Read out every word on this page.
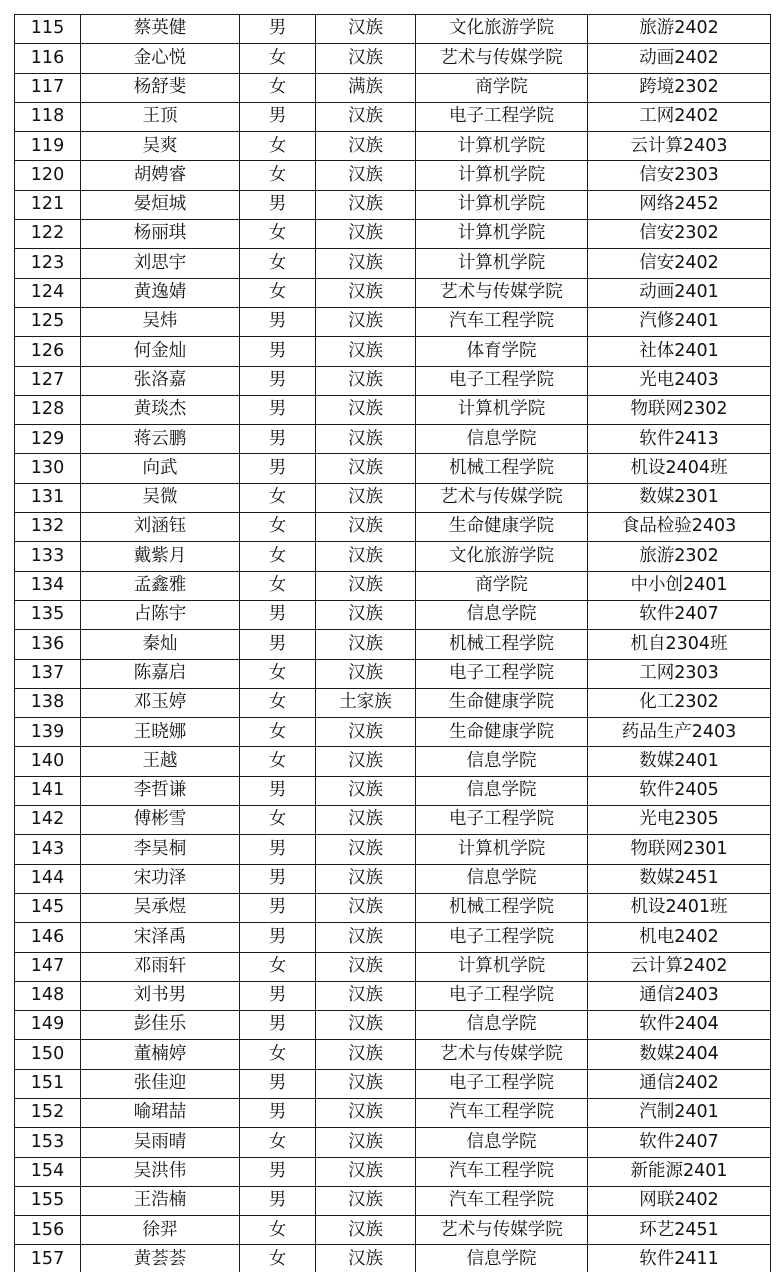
115	蔡英健	男	汉族	文化旅游学院	旅游2402
116	金心悦	女	汉族	艺术与传媒学院	动画2402
117	杨舒斐	女	满族	商学院	跨境2302
118	王顶	男	汉族	电子工程学院	工网2402
119	吴爽	女	汉族	计算机学院	云计算2403
120	胡娉睿	女	汉族	计算机学院	信安2303
121	晏烜城	男	汉族	计算机学院	网络2452
122	杨丽琪	女	汉族	计算机学院	信安2302
123	刘思宇	女	汉族	计算机学院	信安2402
124	黄逸婧	女	汉族	艺术与传媒学院	动画2401
125	吴炜	男	汉族	汽车工程学院	汽修2401
126	何金灿	男	汉族	体育学院	社体2401
127	张洛嘉	男	汉族	电子工程学院	光电2403
128	黄琰杰	男	汉族	计算机学院	物联网2302
129	蒋云鹏	男	汉族	信息学院	软件2413
130	向武	男	汉族	机械工程学院	机设2404班
131	吴微	女	汉族	艺术与传媒学院	数媒2301
132	刘涵钰	女	汉族	生命健康学院	食品检验2403
133	戴紫月	女	汉族	文化旅游学院	旅游2302
134	孟鑫雅	女	汉族	商学院	中小创2401
135	占陈宇	男	汉族	信息学院	软件2407
136	秦灿	男	汉族	机械工程学院	机自2304班
137	陈嘉启	女	汉族	电子工程学院	工网2303
138	邓玉婷	女	土家族	生命健康学院	化工2302
139	王晓娜	女	汉族	生命健康学院	药品生产2403
140	王越	女	汉族	信息学院	数媒2401
141	李哲谦	男	汉族	信息学院	软件2405
142	傅彬雪	女	汉族	电子工程学院	光电2305
143	李昊桐	男	汉族	计算机学院	物联网2301
144	宋功泽	男	汉族	信息学院	数媒2451
145	吴承煜	男	汉族	机械工程学院	机设2401班
146	宋泽禹	男	汉族	电子工程学院	机电2402
147	邓雨轩	女	汉族	计算机学院	云计算2402
148	刘书男	男	汉族	电子工程学院	通信2403
149	彭佳乐	男	汉族	信息学院	软件2404
150	董楠婷	女	汉族	艺术与传媒学院	数媒2404
151	张佳迎	男	汉族	电子工程学院	通信2402
152	喻珺喆	男	汉族	汽车工程学院	汽制2401
153	吴雨晴	女	汉族	信息学院	软件2407
154	吴洪伟	男	汉族	汽车工程学院	新能源2401
155	王浩楠	男	汉族	汽车工程学院	网联2402
156	徐羿	女	汉族	艺术与传媒学院	环艺2451
157	黄荟荟	女	汉族	信息学院	软件2411
